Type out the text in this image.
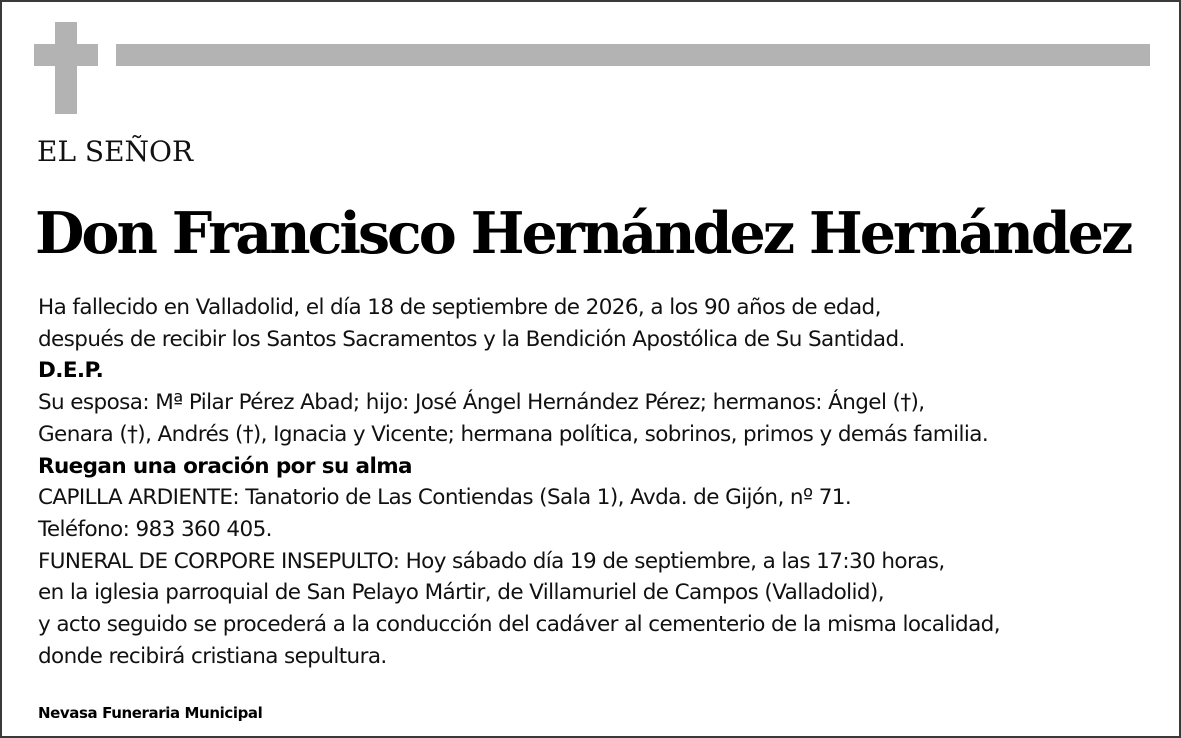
EL SEÑOR
Don Francisco Hernández Hernández
Ha fallecido en Valladolid, el día 18 de septiembre de 2026, a los 90 años de edad,
después de recibir los Santos Sacramentos y la Bendición Apostólica de Su Santidad.
D.E.P.
Su esposa: Mª Pilar Pérez Abad; hijo: José Ángel Hernández Pérez; hermanos: Ángel (†),
Genara (†), Andrés (†), Ignacia y Vicente; hermana política, sobrinos, primos y demás familia.
Ruegan una oración por su alma
CAPILLA ARDIENTE: Tanatorio de Las Contiendas (Sala 1), Avda. de Gijón, nº 71.
Teléfono: 983 360 405.
FUNERAL DE CORPORE INSEPULTO: Hoy sábado día 19 de septiembre, a las 17:30 horas,
en la iglesia parroquial de San Pelayo Mártir, de Villamuriel de Campos (Valladolid),
y acto seguido se procederá a la conducción del cadáver al cementerio de la misma localidad,
donde recibirá cristiana sepultura.
Nevasa Funeraria Municipal
